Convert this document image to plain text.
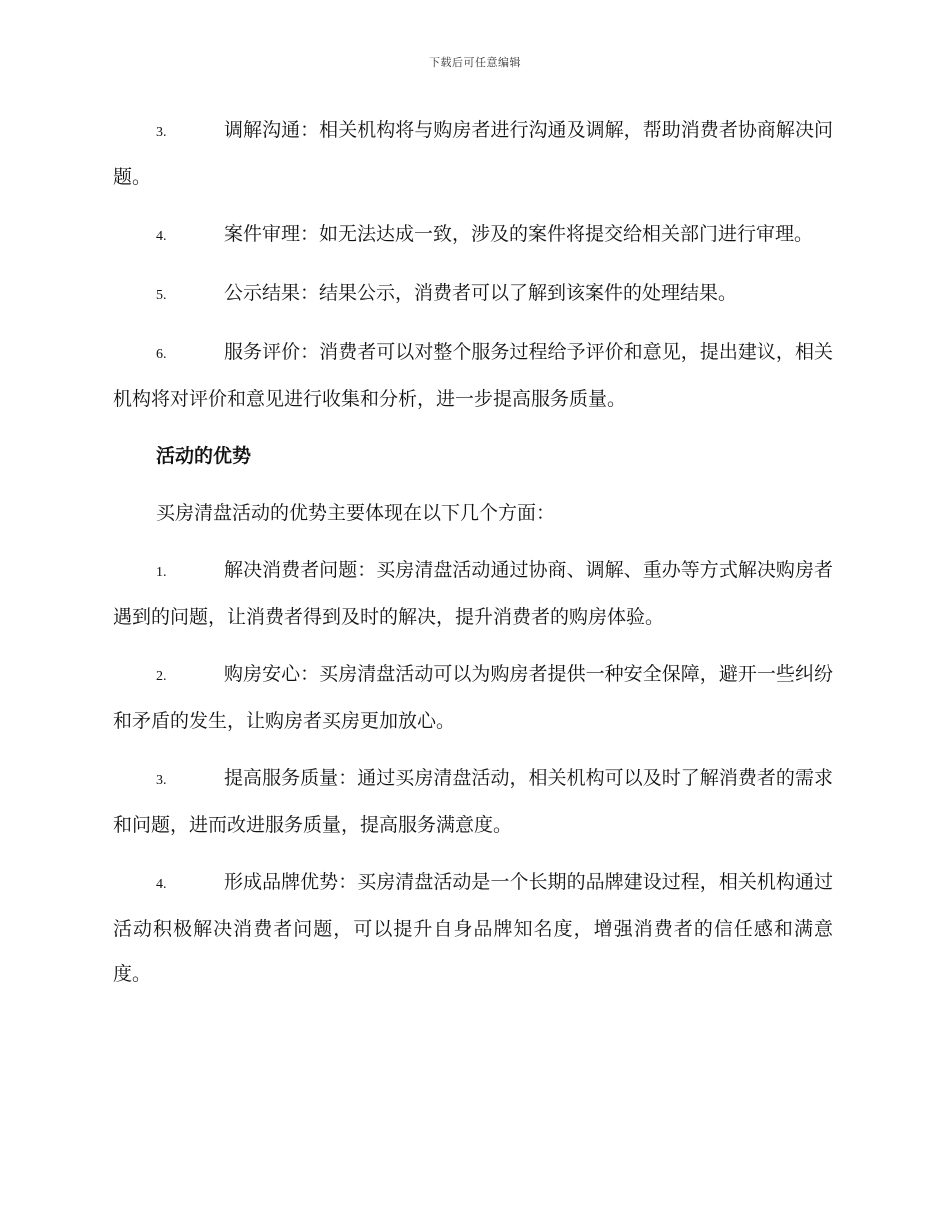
下载后可任意编辑

3.	调解沟通：相关机构将与购房者进行沟通及调解，帮助消费者协商解决问题。

4.	案件审理：如无法达成一致，涉及的案件将提交给相关部门进行审理。

5.	公示结果：结果公示，消费者可以了解到该案件的处理结果。

6.	服务评价：消费者可以对整个服务过程给予评价和意见，提出建议，相关机构将对评价和意见进行收集和分析，进一步提高服务质量。

活动的优势

买房清盘活动的优势主要体现在以下几个方面：

1.	解决消费者问题：买房清盘活动通过协商、调解、重办等方式解决购房者遇到的问题，让消费者得到及时的解决，提升消费者的购房体验。

2.	购房安心：买房清盘活动可以为购房者提供一种安全保障，避开一些纠纷和矛盾的发生，让购房者买房更加放心。

3.	提高服务质量：通过买房清盘活动，相关机构可以及时了解消费者的需求和问题，进而改进服务质量，提高服务满意度。

4.	形成品牌优势：买房清盘活动是一个长期的品牌建设过程，相关机构通过活动积极解决消费者问题，可以提升自身品牌知名度，增强消费者的信任感和满意度。
